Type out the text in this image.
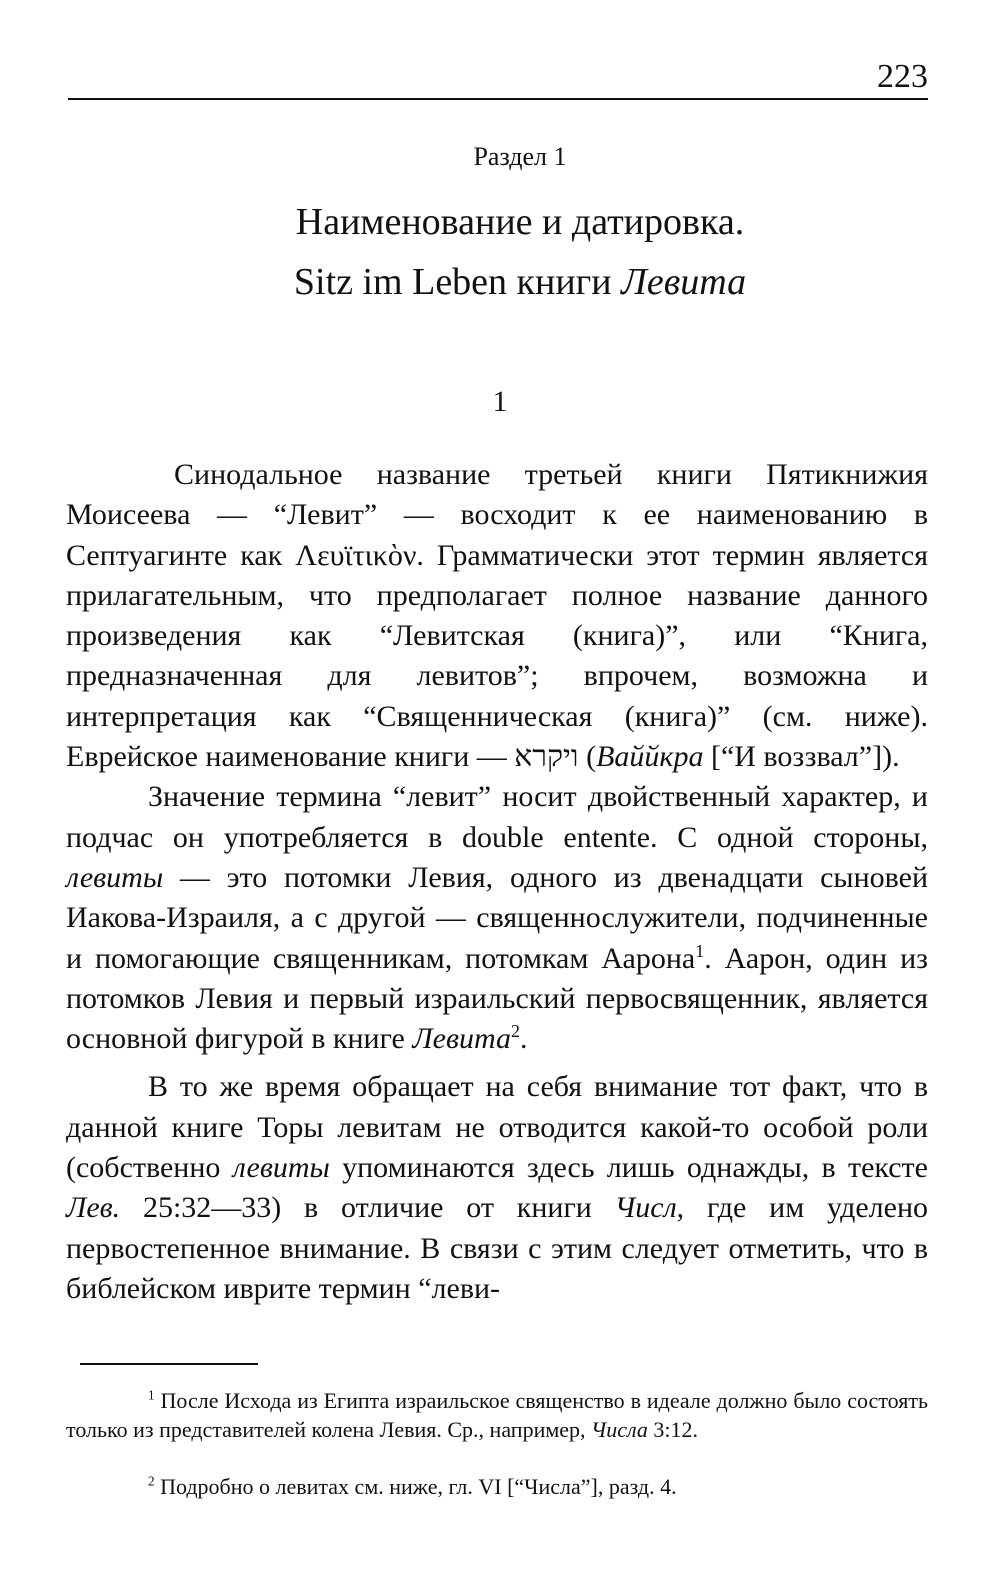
223
Раздел 1
Наименование и датировка.
Sitz im Leben книги Левита
1

Синодальное название третьей книги Пятикнижия Моисеева — “Левит” — восходит к ее наименованию в Септуагинте как Λευϊτικὸν. Грамматически этот термин является прилагательным, что предполагает полное название данного произведения как “Левитская (книга)”, или “Книга, предназначенная для левитов”; впрочем, возможна и интерпретация как “Священническая (книга)” (см. ниже). Еврейское наименование книги — ויקרא (Ваййкра [“И воззвал”]).

Значение термина “левит” носит двойственный характер, и подчас он употребляется в double entente. С одной стороны, левиты — это потомки Левия, одного из двенадцати сыновей Иакова-Израиля, а с другой — священнослужители, подчиненные и помогающие священникам, потомкам Аарона$^1$. Аарон, один из потомков Левия и первый израильский первосвященник, является основной фигурой в книге Левита$^2$.

В то же время обращает на себя внимание тот факт, что в данной книге Торы левитам не отводится какой-то особой роли (собственно левиты упоминаются здесь лишь однажды, в тексте Лев. 25:32—33) в отличие от книги Числ, где им уделено первостепенное внимание. В связи с этим следует отметить, что в библейском иврите термин “леви-

$^1$ После Исхода из Египта израильское священство в идеале должно было состоять только из представителей колена Левия. Ср., например, Числа 3:12.
$^2$ Подробно о левитах см. ниже, гл. VI [“Числа”], разд. 4.
